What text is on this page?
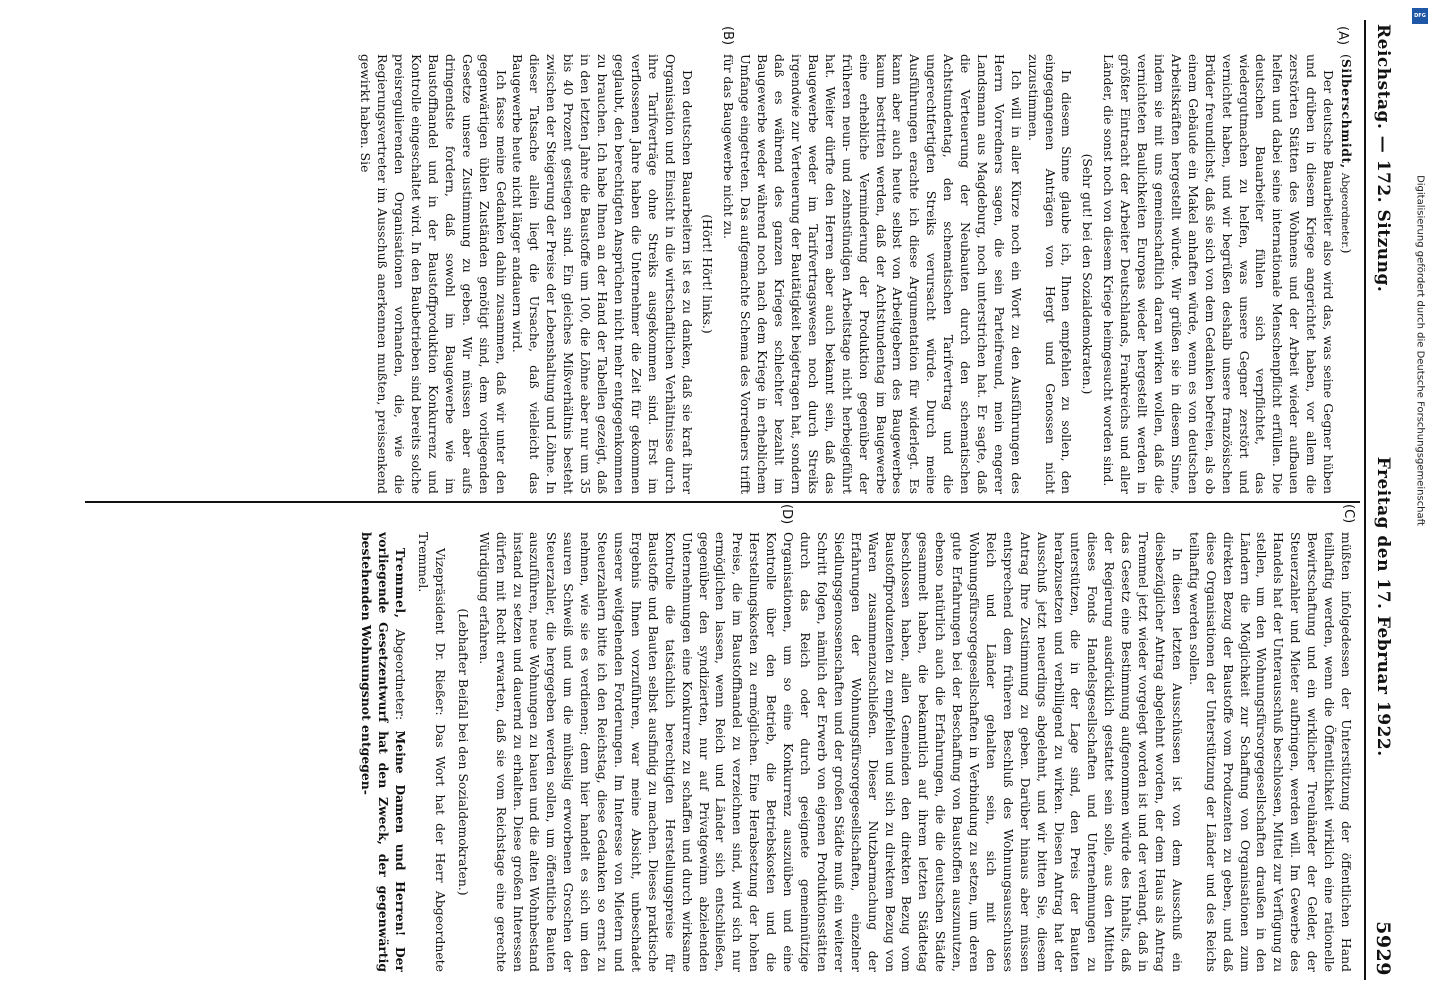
Reichstag. — 172. Sitzung.
Freitag den 17. Februar 1922.
5929
(A)
(B)
(C)
(D)

(Silberschmidt, Abgeordneter.)

Der deutsche Bauarbeiter also wird das, was seine Gegner hüben und drüben in diesem Kriege angerichtet haben, vor allem die zerstörten Stätten des Wohnens und der Arbeit wieder aufbauen helfen und dabei seine internationale Menschenpflicht erfüllen. Die deutschen Bauarbeiter fühlen sich verpflichtet, das wiedergutmachen zu helfen, was unsere Gegner zerstört und vernichtet haben, und wir begrüßen deshalb unsere französischen Brüder freundlichst, daß sie sich von dem Gedanken befreien, als ob einem Gebäude ein Makel anhaften würde, wenn es von deutschen Arbeitskräften hergestellt würde. Wir grüßen sie in diesem Sinne, indem sie mit uns gemeinschaftlich daran wirken wollen, daß die vernichteten Baulichkeiten Europas wieder hergestellt werden in größter Eintracht der Arbeiter Deutschlands, Frankreichs und aller Länder, die sonst noch von diesem Kriege heimgesucht worden sind.

(Sehr gut! bei den Sozialdemokraten.)

In diesem Sinne glaube ich, Ihnen empfehlen zu sollen, den eingegangenen Anträgen von Hergt und Genossen nicht zuzustimmen.

Ich will in aller Kürze noch ein Wort zu den Ausführungen des Herrn Vorredners sagen, die sein Parteifreund, mein engerer Landsmann aus Magdeburg, noch unterstrichen hat. Er sagte, daß die Verteuerung der Neubauten durch den schematischen Achtstundentag, den schematischen Tarifvertrag und die ungerechtfertigten Streiks verursacht würde. Durch meine Ausführungen erachte ich diese Argumentation für widerlegt. Es kann aber auch heute selbst von Arbeitgebern des Baugewerbes kaum bestritten werden, daß der Achtstundentag im Baugewerbe eine erhebliche Verminderung der Produktion gegenüber der früheren neun- und zehnstündigen Arbeitstage nicht herbeigeführt hat. Weiter dürfte den Herren aber auch bekannt sein, daß das Baugewerbe weder im Tarifvertragswesen noch durch Streiks irgendwie zur Verteuerung der Bautätigkeit beigetragen hat, sondern daß es während des ganzen Krieges schlechter bezahlt im Baugewerbe weder während noch nach dem Kriege in erheblichem Umfange eingetreten. Das aufgemachte Schema des Vorredners trifft für das Baugewerbe nicht zu.

(Hört! Hört! links.)

Den deutschen Bauarbeitern ist es zu danken, daß sie kraft ihrer Organisation und Einsicht in die wirtschaftlichen Verhältnisse durch ihre Tarifverträge ohne Streiks ausgekommen sind. Erst im verflossenen Jahre haben die Unternehmer die Zeit für gekommen geglaubt, den berechtigten Ansprüchen nicht mehr entgegenkommen zu brauchen. Ich habe Ihnen an der Hand der Tabellen gezeigt, daß in den letzten Jahre die Baustoffe um 100, die Löhne aber nur um 35 bis 40 Prozent gestiegen sind. Ein gleiches Mißverhältnis besteht zwischen der Steigerung der Preise der Lebenshaltung und Löhne. In dieser Tatsache allein liegt die Ursache, daß vielleicht das Baugewerbe heute nicht länger andauern wird.

Ich fasse meine Gedanken dahin zusammen, daß wir unter den gegenwärtigen üblen Zuständen genötigt sind, dem vorliegenden Gesetze unsere Zustimmung zu geben. Wir müssen aber aufs dringendste fordern, daß sowohl im Baugewerbe wie im Baustoffhandel und in der Baustoffproduktion Konkurrenz und Kontrolle eingeschaltet wird. In den Baubetrieben sind bereits solche preisregulierenden Organisationen vorhanden, die, wie die Regierungsvertreter im Ausschuß anerkennen mußten, preissenkend gewirkt haben. Sie

müßten infolgedessen der Unterstützung der öffentlichen Hand teilhaftig werden, wenn die Öffentlichkeit wirklich eine rationelle Bewirtschaftung und ein wirklicher Treuhänder der Gelder, der Steuerzahler und Mieter aufbringen, werden will. Im Gewerbe des Handels hat der Unterausschuß beschlossen, Mittel zur Verfügung zu stellen, um den Wohnungsfürsorgegesellschaften draußen in den Ländern die Möglichkeit zur Schaffung von Organisationen zum direkten Bezug der Baustoffe vom Produzenten zu geben, und daß diese Organisationen der Unterstützung der Länder und des Reichs teilhaftig werden sollen.

In diesen letzten Ausschüssen ist von dem Ausschuß ein diesbezüglicher Antrag abgelehnt worden, der dem Haus als Antrag Tremmel jetzt wieder vorgelegt worden ist und der verlangt, daß in das Gesetz eine Bestimmung aufgenommen würde des Inhalts, daß der Regierung ausdrücklich gestattet sein solle, aus den Mitteln dieses Fonds Handelsgesellschaften und Unternehmungen zu unterstützen, die in der Lage sind, den Preis der Bauten herabzusetzen und verbilligend zu wirken. Diesen Antrag hat der Ausschuß jetzt neuerdings abgelehnt, und wir bitten Sie, diesem Antrag Ihre Zustimmung zu geben. Darüber hinaus aber müssen entsprechend dem früheren Beschluß des Wohnungsausschusses Reich und Länder gehalten sein, sich mit den Wohnungsfürsorgegesellschaften in Verbindung zu setzen, um deren gute Erfahrungen bei der Beschaffung von Baustoffen auszunutzen, ebenso natürlich auch die Erfahrungen, die die deutschen Städte gesammelt haben, die bekanntlich auf ihrem letzten Städtetag beschlossen haben, allen Gemeinden den direkten Bezug vom Baustoffproduzenten zu empfehlen und sich zu direktem Bezug von Waren zusammenzuschließen. Dieser Nutzbarmachung der Erfahrungen der Wohnungsfürsorgegesellschaften, einzelner Siedlungsgenossenschaften und der großen Städte muß ein weiterer Schritt folgen, nämlich der Erwerb von eigenen Produktionsstätten durch das Reich oder durch geeignete gemeinnützige Organisationen, um so eine Konkurrenz auszuüben und eine Kontrolle über den Betrieb, die Betriebskosten und die Herstellungskosten zu ermöglichen. Eine Herabsetzung der hohen Preise, die im Baustoffhandel zu verzeichnen sind, wird sich nur ermöglichen lassen, wenn Reich und Länder sich entschließen, gegenüber den syndizierten, nur auf Privatgewinn abzielenden Unternehmungen eine Konkurrenz zu schaffen und durch wirksame Kontrolle die tatsächlich berechtigten Herstellungspreise für Baustoffe und Bauten selbst ausfindig zu machen. Dieses praktische Ergebnis Ihnen vorzuführen, war meine Absicht, unbeschadet unserer weitgehenden Forderungen. Im Interesse von Mietern und Steuerzahlern bitte ich den Reichstag, diese Gedanken so ernst zu nehmen, wie sie es verdienen; denn hier handelt es sich um den sauren Schweiß und um die mühselig erworbenen Groschen der Steuerzahler, die hergegeben werden sollen, um öffentliche Bauten auszuführen, neue Wohnungen zu bauen und die alten Wohnbestand instand zu setzen und dauernd zu erhalten. Diese großen Interessen dürfen mit Recht erwarten, daß sie vom Reichstage eine gerechte Würdigung erfahren.

(Lebhafter Beifall bei den Sozialdemokraten.)

Vizepräsident Dr. Rießer: Das Wort hat der Herr Abgeordnete Tremmel.

Tremmel, Abgeordneter: Meine Damen und Herren! Der vorliegende Gesetzentwurf hat den Zweck, der gegenwärtig bestehenden Wohnungsnot entgegen-

DFG
Digitalisierung gefördert durch die Deutsche Forschungsgemeinschaft
